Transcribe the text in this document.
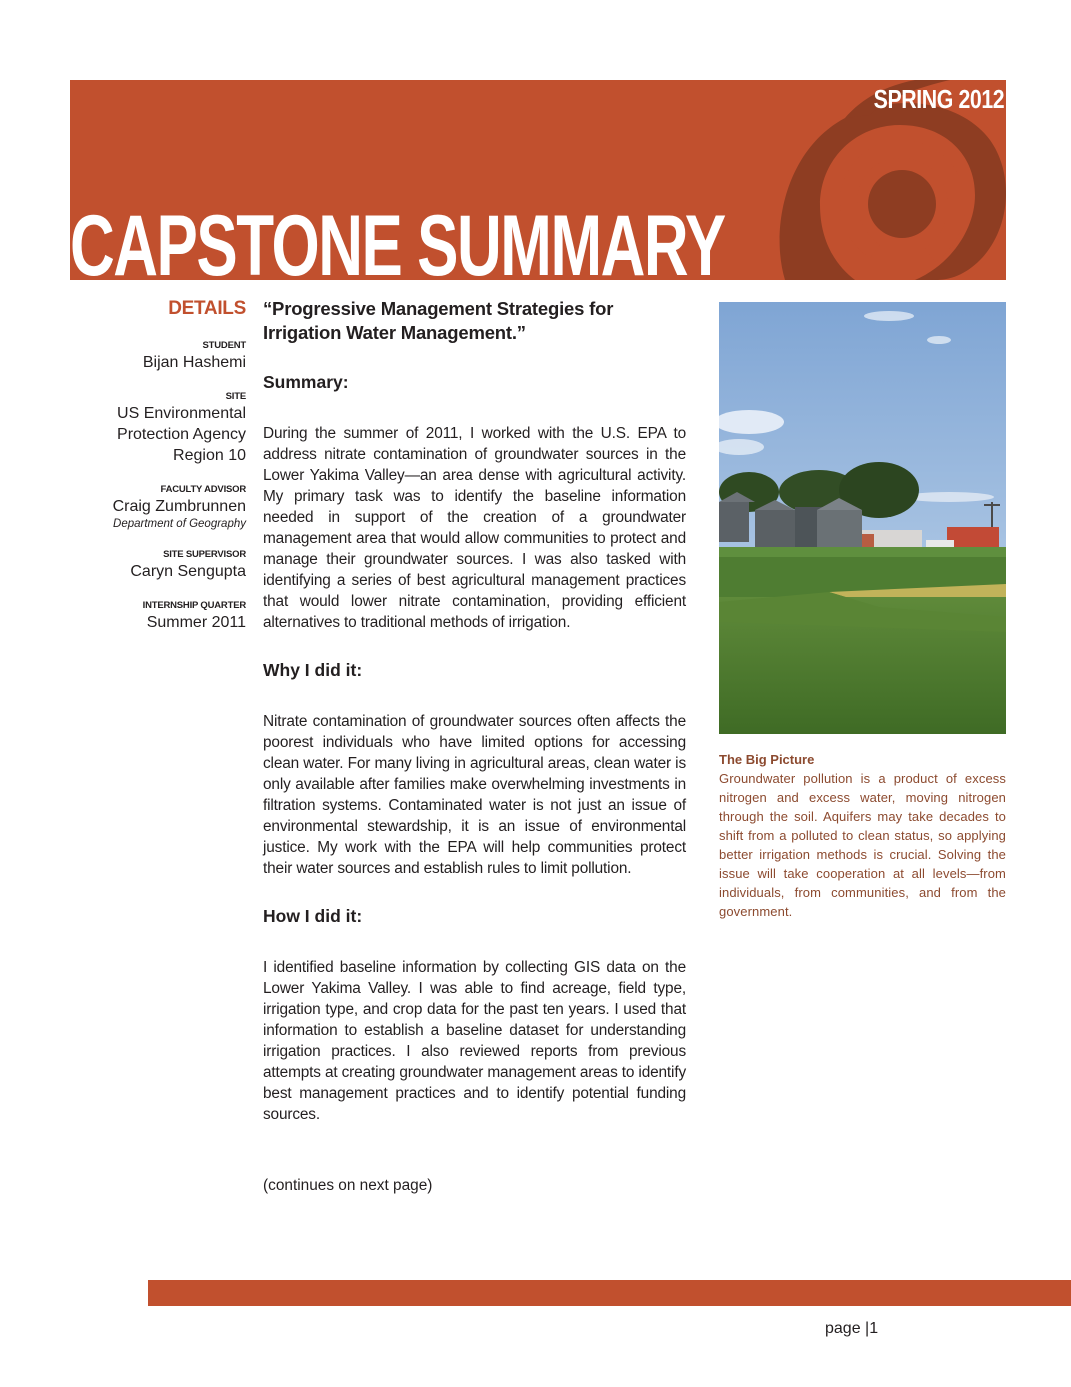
SPRING 2012
CAPSTONE SUMMARY
DETAILS
STUDENT
Bijan Hashemi
SITE
US Environmental Protection Agency Region 10
FACULTY ADVISOR
Craig Zumbrunnen
Department of Geography
SITE SUPERVISOR
Caryn Sengupta
INTERNSHIP QUARTER
Summer 2011
“Progressive Management Strategies for Irrigation Water Management.”
Summary:

During the summer of 2011, I worked with the U.S. EPA to address nitrate contamination of groundwater sources in the Lower Yakima Valley—an area dense with agricultural activity. My primary task was to identify the baseline information needed in support of the creation of a groundwater management area that would allow communities to protect and manage their groundwater sources. I was also tasked with identifying a series of best agricultural management practices that would lower nitrate contamination, providing efficient alternatives to traditional methods of irrigation.

Why I did it:

Nitrate contamination of groundwater sources often affects the poorest individuals who have limited options for accessing clean water. For many living in agricultural areas, clean water is only available after families make overwhelming investments in filtration systems. Contaminated water is not just an issue of environmental stewardship, it is an issue of environmental justice. My work with the EPA will help communities protect their water sources and establish rules to limit pollution.

How I did it:

I identified baseline information by collecting GIS data on the Lower Yakima Valley. I was able to find acreage, field type, irrigation type, and crop data for the past ten years. I used that information to establish a baseline dataset for understanding irrigation practices. I also reviewed reports from previous attempts at creating groundwater management areas to identify best management practices and to identify potential funding sources.

(continues on next page)
The Big Picture
Groundwater pollution is a product of excess nitrogen and excess water, moving nitrogen through the soil. Aquifers may take decades to shift from a polluted to clean status, so applying better irrigation methods is crucial. Solving the issue will take cooperation at all levels—from individuals, from communities, and from the government.
page |1
